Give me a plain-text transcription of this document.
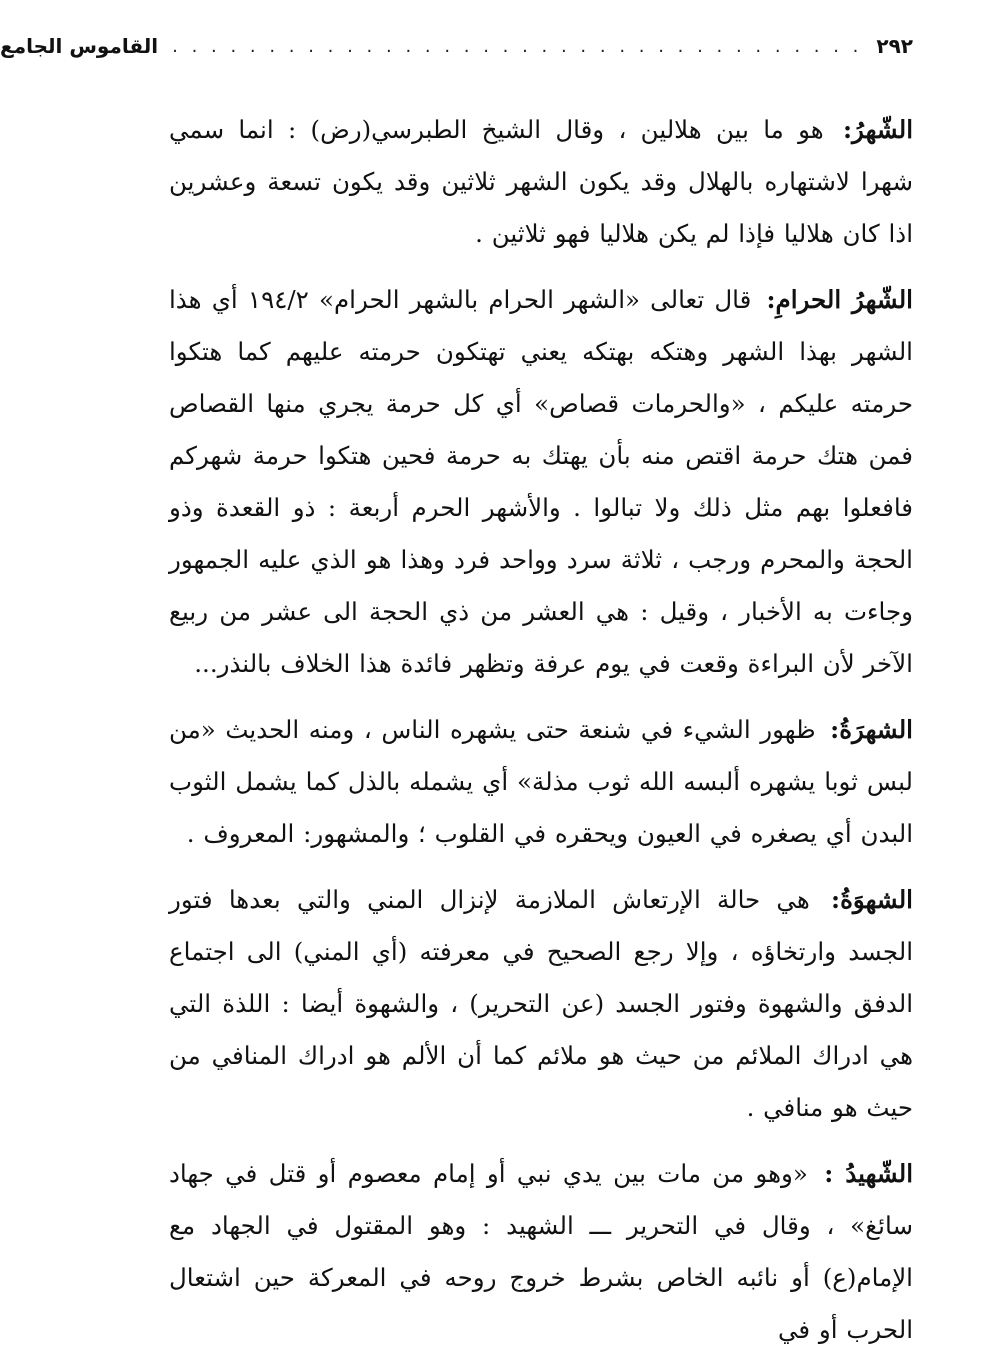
٢٩٢
. . . . . . . . . . . . . . . . . . . . . . . . . . . . . . . . . . . .
القاموس الجامع

الشّهرُ: هو ما بين هلالين ، وقال الشيخ الطبرسي(رض) : انما سمي شهرا لاشتهاره بالهلال وقد يكون الشهر ثلاثين وقد يكون تسعة وعشرين اذا كان هلاليا فإذا لم يكن هلاليا فهو ثلاثين .

الشّهرُ الحرامِ: قال تعالى «الشهر الحرام بالشهر الحرام» ١٩٤/٢ أي هذا الشهر بهذا الشهر وهتكه بهتكه يعني تهتكون حرمته عليهم كما هتكوا حرمته عليكم ، «والحرمات قصاص» أي كل حرمة يجري منها القصاص فمن هتك حرمة اقتص منه بأن يهتك به حرمة فحين هتكوا حرمة شهركم فافعلوا بهم مثل ذلك ولا تبالوا . والأشهر الحرم أربعة : ذو القعدة وذو الحجة والمحرم ورجب ، ثلاثة سرد وواحد فرد وهذا هو الذي عليه الجمهور وجاءت به الأخبار ، وقيل : هي العشر من ذي الحجة الى عشر من ربيع الآخر لأن البراءة وقعت في يوم عرفة وتظهر فائدة هذا الخلاف بالنذر...

الشهرَةُ: ظهور الشيء في شنعة حتى يشهره الناس ، ومنه الحديث «من لبس ثوبا يشهره ألبسه الله ثوب مذلة» أي يشمله بالذل كما يشمل الثوب البدن أي يصغره في العيون ويحقره في القلوب ؛ والمشهور: المعروف .

الشهوَةُ: هي حالة الإرتعاش الملازمة لإنزال المني والتي بعدها فتور الجسد وارتخاؤه ، وإلا رجع الصحيح في معرفته (أي المني) الى اجتماع الدفق والشهوة وفتور الجسد (عن التحرير) ، والشهوة أيضا : اللذة التي هي ادراك الملائم من حيث هو ملائم كما أن الألم هو ادراك المنافي من حيث هو منافي .

الشّهيدُ : «وهو من مات بين يدي نبي أو إمام معصوم أو قتل في جهاد سائغ» ، وقال في التحرير ـــ الشهيد : وهو المقتول في الجهاد مع الإمام(ع) أو نائبه الخاص بشرط خروج روحه في المعركة حين اشتعال الحرب أو في
